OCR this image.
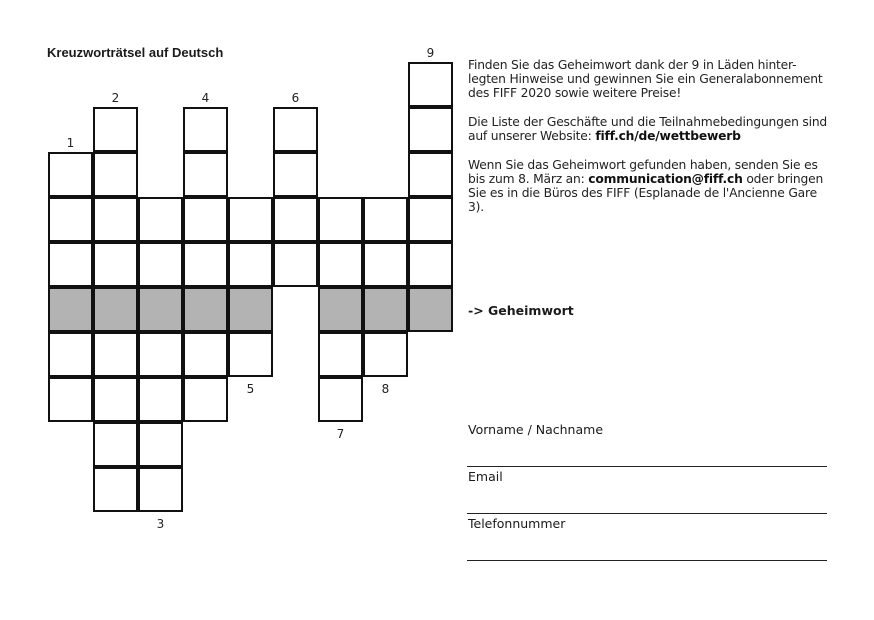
Kreuzworträtsel auf Deutsch
1
2
3
4
5
6
7
8
9

Finden Sie das Geheimwort dank der 9 in Läden hinter-legten Hinweise und gewinnen Sie ein Generalabonnement des FIFF 2020 sowie weitere Preise!

Die Liste der Geschäfte und die Teilnahmebedingungen sind auf unserer Website: fiff.ch/de/wettbewerb

Wenn Sie das Geheimwort gefunden haben, senden Sie es bis zum 8. März an: communication@fiff.ch oder bringen Sie es in die Büros des FIFF (Esplanade de l'Ancienne Gare 3).

-> Geheimwort
Vorname / Nachname
Email
Telefonnummer
